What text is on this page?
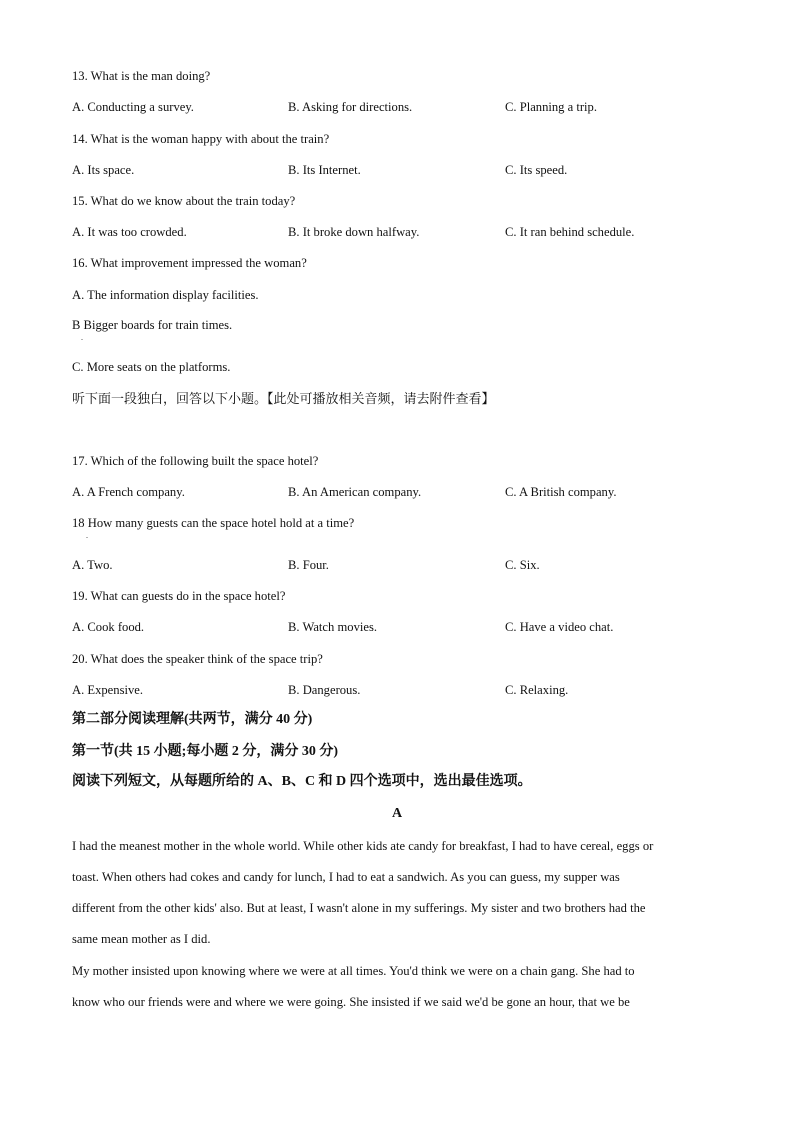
13. What is the man doing?
A. Conducting a survey.	B. Asking for directions.	C. Planning a trip.
14. What is the woman happy with about the train?
A. Its space.	B. Its Internet.	C. Its speed.
15. What do we know about the train today?
A. It was too crowded.	B. It broke down halfway.	C. It ran behind schedule.
16. What improvement impressed the woman?
A. The information display facilities.
B Bigger boards for train times.
.
C. More seats on the platforms.
听下面一段独白，回答以下小题。【此处可播放相关音频，请去附件查看】
17. Which of the following built the space hotel?
A. A French company.	B. An American company.	C. A British company.
18 How many guests can the space hotel hold at a time?
.
A. Two.	B. Four.	C. Six.
19. What can guests do in the space hotel?
A. Cook food.	B. Watch movies.	C. Have a video chat.
20. What does the speaker think of the space trip?
A. Expensive.	B. Dangerous.	C. Relaxing.
第二部分阅读理解(共两节，满分 40 分)
第一节(共 15 小题;每小题 2 分，满分 30 分)
阅读下列短文，从每题所给的 A、B、C 和 D 四个选项中，选出最佳选项。
A
I had the meanest mother in the whole world. While other kids ate candy for breakfast, I had to have cereal, eggs or
toast. When others had cokes and candy for lunch, I had to eat a sandwich. As you can guess, my supper was
different from the other kids' also. But at least, I wasn't alone in my sufferings. My sister and two brothers had the
same mean mother as I did.
My mother insisted upon knowing where we were at all times. You'd think we were on a chain gang. She had to
know who our friends were and where we were going. She insisted if we said we'd be gone an hour, that we be
